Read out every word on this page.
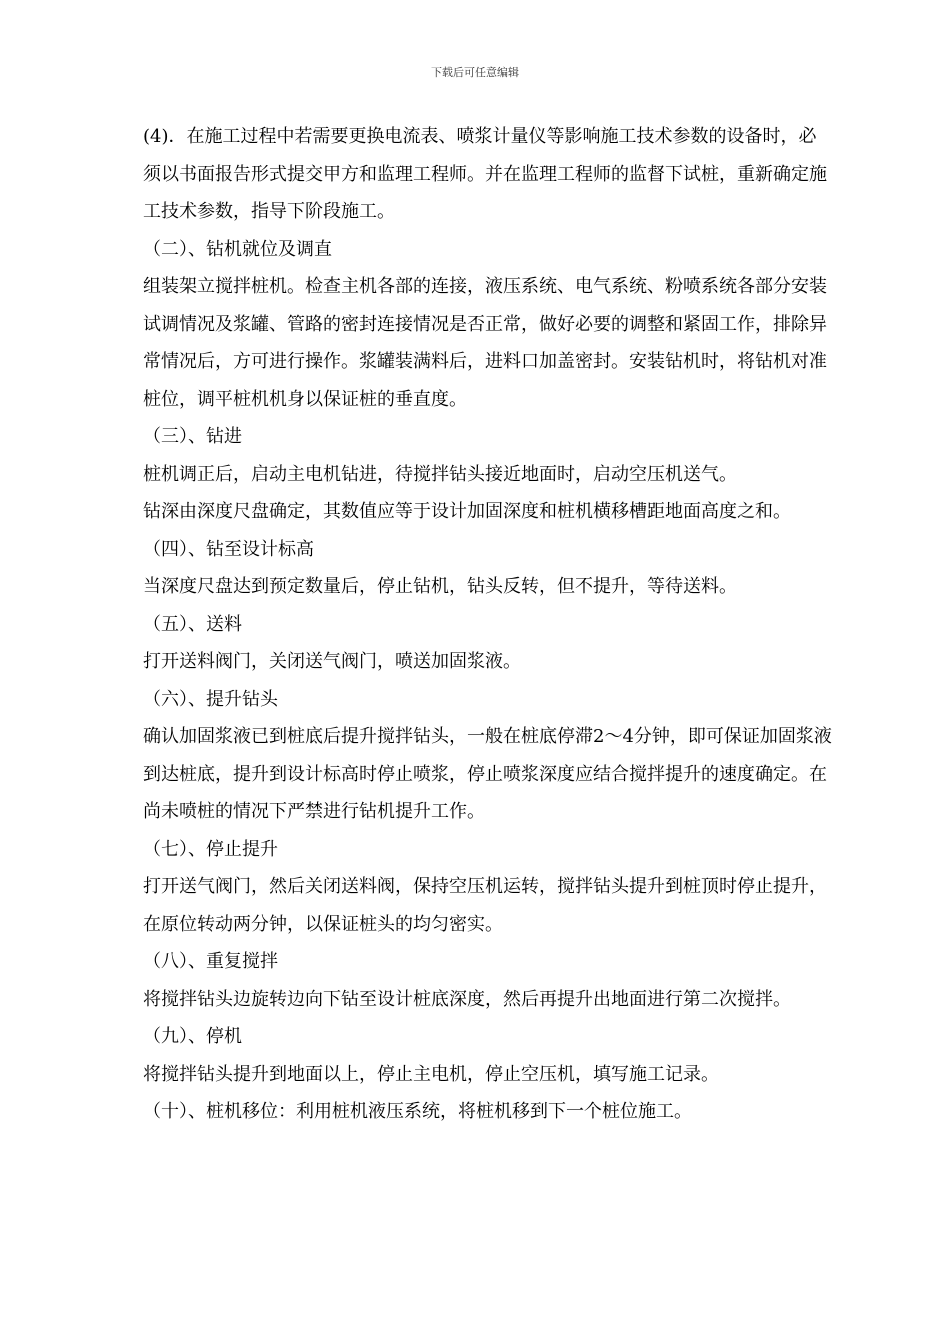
下载后可任意编辑

(4)．在施工过程中若需要更换电流表、喷浆计量仪等影响施工技术参数的设备时，必须以书面报告形式提交甲方和监理工程师。并在监理工程师的监督下试桩，重新确定施工技术参数，指导下阶段施工。

（二）、钻机就位及调直

组装架立搅拌桩机。检查主机各部的连接，液压系统、电气系统、粉喷系统各部分安装试调情况及浆罐、管路的密封连接情况是否正常，做好必要的调整和紧固工作，排除异常情况后，方可进行操作。浆罐装满料后，进料口加盖密封。安装钻机时，将钻机对准桩位，调平桩机机身以保证桩的垂直度。

（三）、钻进

桩机调正后，启动主电机钻进，待搅拌钻头接近地面时，启动空压机送气。

钻深由深度尺盘确定，其数值应等于设计加固深度和桩机横移槽距地面高度之和。

（四）、钻至设计标高

当深度尺盘达到预定数量后，停止钻机，钻头反转，但不提升，等待送料。

（五）、送料

打开送料阀门，关闭送气阀门，喷送加固浆液。

（六）、提升钻头

确认加固浆液已到桩底后提升搅拌钻头，一般在桩底停滞2～4分钟，即可保证加固浆液到达桩底，提升到设计标高时停止喷浆，停止喷浆深度应结合搅拌提升的速度确定。在尚未喷桩的情况下严禁进行钻机提升工作。

（七）、停止提升

打开送气阀门，然后关闭送料阀，保持空压机运转，搅拌钻头提升到桩顶时停止提升，在原位转动两分钟，以保证桩头的均匀密实。

（八）、重复搅拌

将搅拌钻头边旋转边向下钻至设计桩底深度，然后再提升出地面进行第二次搅拌。

（九）、停机

将搅拌钻头提升到地面以上，停止主电机，停止空压机，填写施工记录。

（十）、桩机移位：利用桩机液压系统，将桩机移到下一个桩位施工。
